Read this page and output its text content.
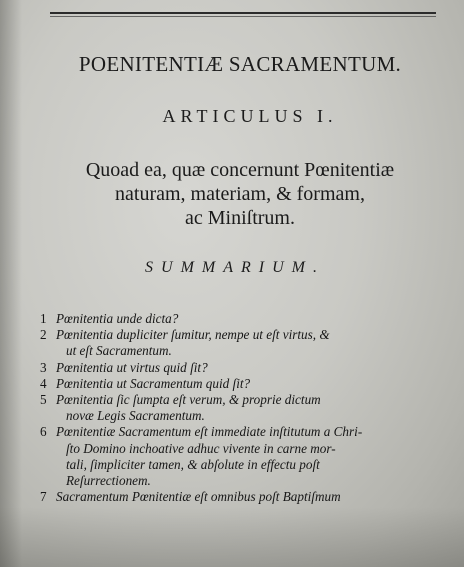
POENITENTIÆ SACRAMENTUM.
ARTICULUS I.
Quoad ea, quæ concernunt Pœnitentiæ
naturam, materiam, & formam,
ac Miniſtrum.
SUMMARIUM.
1 Pœnitentia unde dicta?
2 Pœnitentia dupliciter ſumitur, nempe ut eſt virtus, &
ut eſt Sacramentum.
3 Pœnitentia ut virtus quid ſit?
4 Pœnitentia ut Sacramentum quid ſit?
5 Pœnitentia ſic ſumpta eſt verum, & proprie dictum
novæ Legis Sacramentum.
6 Pœnitentiæ Sacramentum eſt immediate inſtitutum a Chri-
ſto Domino inchoative adhuc vivente in carne mor-
tali, ſimpliciter tamen, & abſolute in effectu poſt
Reſurrectionem.
7 Sacramentum Pœnitentiæ eſt omnibus poſt Baptiſmum
